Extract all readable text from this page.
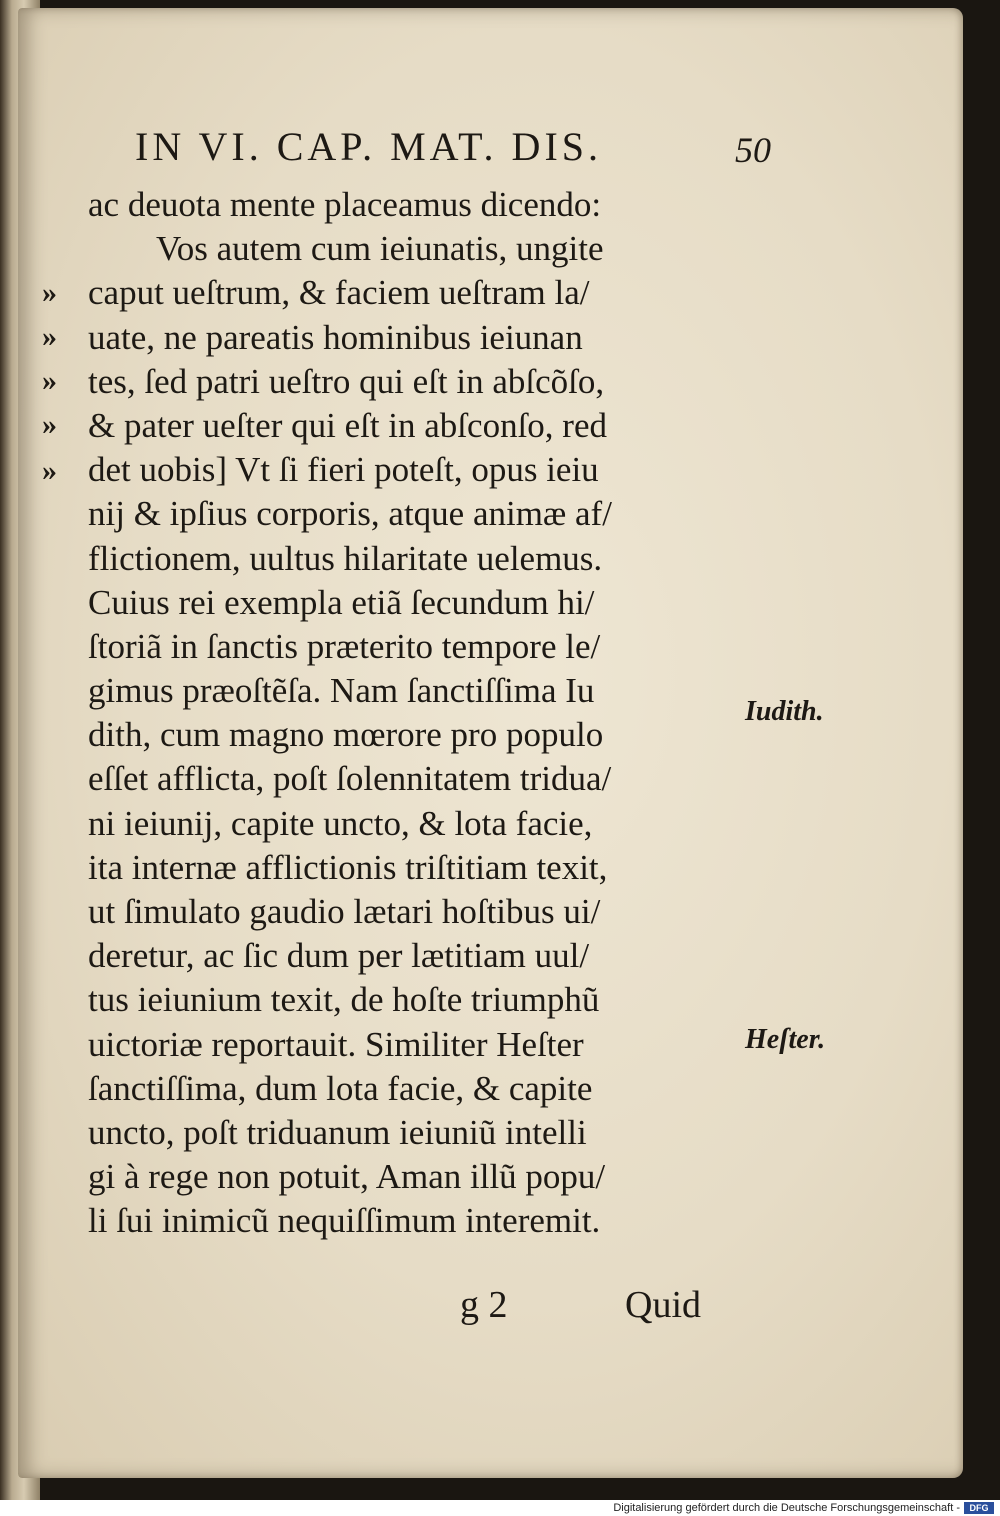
IN VI. CAP. MAT. DIS.	50
ac deuota mente placeamus dicendo:
Vos autem cum ieiunatis, ungite
caput ueſtrum, & faciem ueſtram la/
uate, ne pareatis hominibus ieiunan
tes, ſed patri ueſtro qui eſt in abſcõſo,
& pater ueſter qui eſt in abſconſo, red
det uobis] Vt ſi fieri poteſt, opus ieiu
nij & ipſius corporis, atque animæ af/
flictionem, uultus hilaritate uelemus.
Cuius rei exempla etiã ſecundum hi/
ſtoriã in ſanctis præterito tempore le/
gimus præoſtẽſa. Nam ſanctiſſima Iu
dith, cum magno mœrore pro populo
eſſet afflicta, poſt ſolennitatem tridua/
ni ieiunij, capite uncto, & lota facie,
ita internæ afflictionis triſtitiam texit,
ut ſimulato gaudio lætari hoſtibus ui/
deretur, ac ſic dum per lætitiam uul/
tus ieiunium texit, de hoſte triumphũ
uictoriæ reportauit. Similiter Heſter
ſanctiſſima, dum lota facie, & capite
uncto, poſt triduanum ieiuniũ intelli
gi à rege non potuit, Aman illũ popu/
li ſui inimicũ nequiſſimum interemit.
»
»
»
»
»
Iudith.
Heſter.
g 2	Quid
Digitalisierung gefördert durch die Deutsche Forschungsgemeinschaft -	DFG
